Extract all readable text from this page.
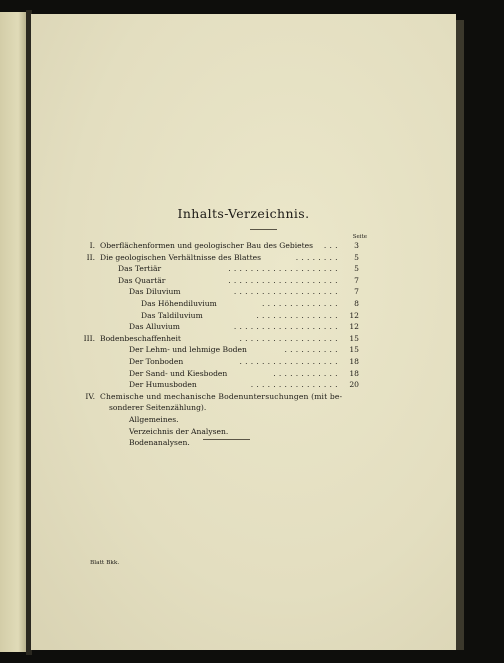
Inhalts-Verzeichnis.
Seite
I. Oberflächenformen und geologischer Bau des Gebietes . . .	3
II. Die geologischen Verhältnisse des Blattes	. . . . . . . .	5
Das Tertiär	. . . . . . . . . . . . . . . . . . . .	5
Das Quartär	. . . . . . . . . . . . . . . . . . . .	7
Das Diluvium	. . . . . . . . . . . . . . . . . . .	7
Das Höhendiluvium	. . . . . . . . . . . . . .	8
Das Taldiluvium	. . . . . . . . . . . . . . .	12
Das Alluvium	. . . . . . . . . . . . . . . . . . .	12
III. Bodenbeschaffenheit	. . . . . . . . . . . . . . . . . .	15
Der Lehm- und lehmige Boden	. . . . . . . . . .	15
Der Tonboden	. . . . . . . . . . . . . . . . . .	18
Der Sand- und Kiesboden	. . . . . . . . . . . .	18
Der Humusboden	. . . . . . . . . . . . . . . .	20
IV. Chemische und mechanische Bodenuntersuchungen (mit be-
sonderer Seitenzählung).
Allgemeines.
Verzeichnis der Analysen.
Bodenanalysen.
Blatt Bkk.
